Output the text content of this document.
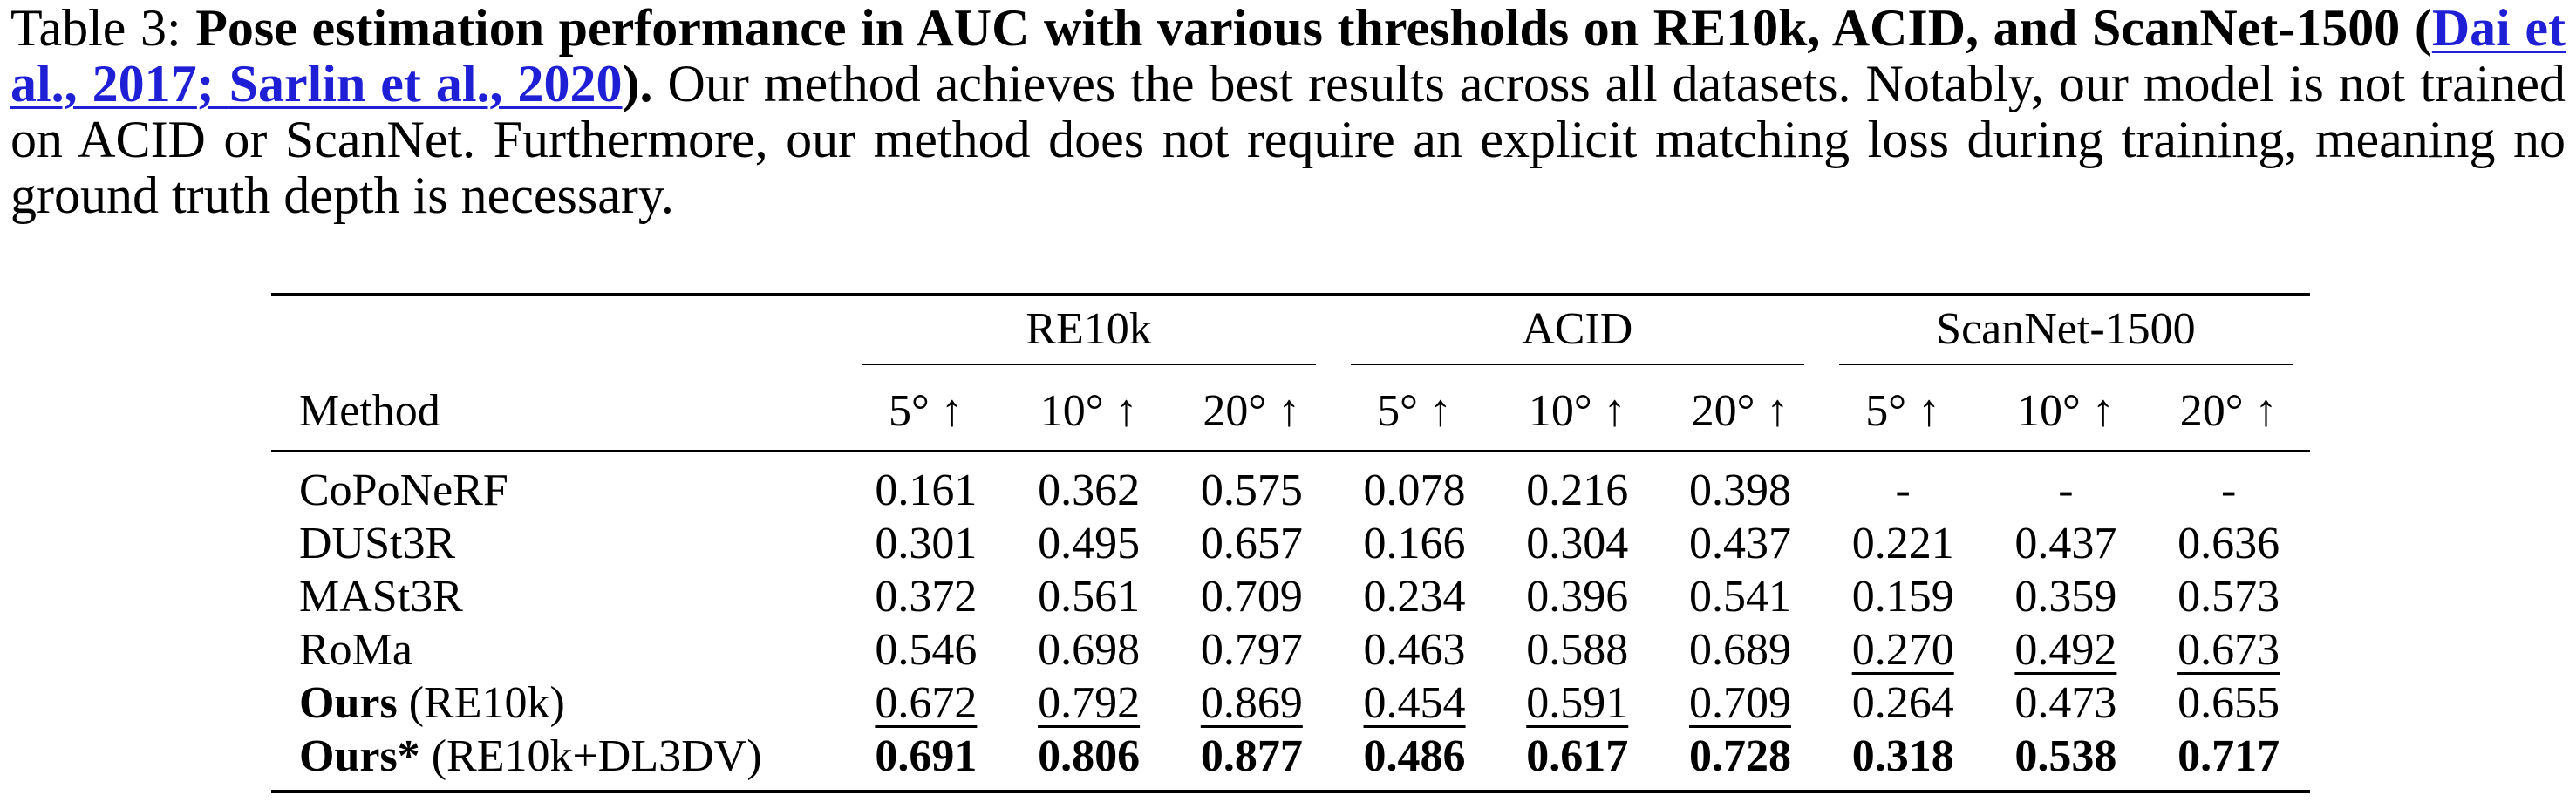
Table 3: Pose estimation performance in AUC with various thresholds on RE10k, ACID, and ScanNet-1500 (Dai et al., 2017; Sarlin et al., 2020). Our method achieves the best results across all datasets. Notably, our model is not trained on ACID or ScanNet. Furthermore, our method does not require an explicit matching loss during training, meaning no ground truth depth is necessary.

	RE10k			ACID			ScanNet-1500		

Method	5° ↑	10° ↑	20° ↑	5° ↑	10° ↑	20° ↑	5° ↑	10° ↑	20° ↑
CoPoNeRF	0.161	0.362	0.575	0.078	0.216	0.398	-	-	-
DUSt3R	0.301	0.495	0.657	0.166	0.304	0.437	0.221	0.437	0.636
MASt3R	0.372	0.561	0.709	0.234	0.396	0.541	0.159	0.359	0.573
RoMa	0.546	0.698	0.797	0.463	0.588	0.689	0.270	0.492	0.673
Ours (RE10k)	0.672	0.792	0.869	0.454	0.591	0.709	0.264	0.473	0.655
Ours* (RE10k+DL3DV)	0.691	0.806	0.877	0.486	0.617	0.728	0.318	0.538	0.717
